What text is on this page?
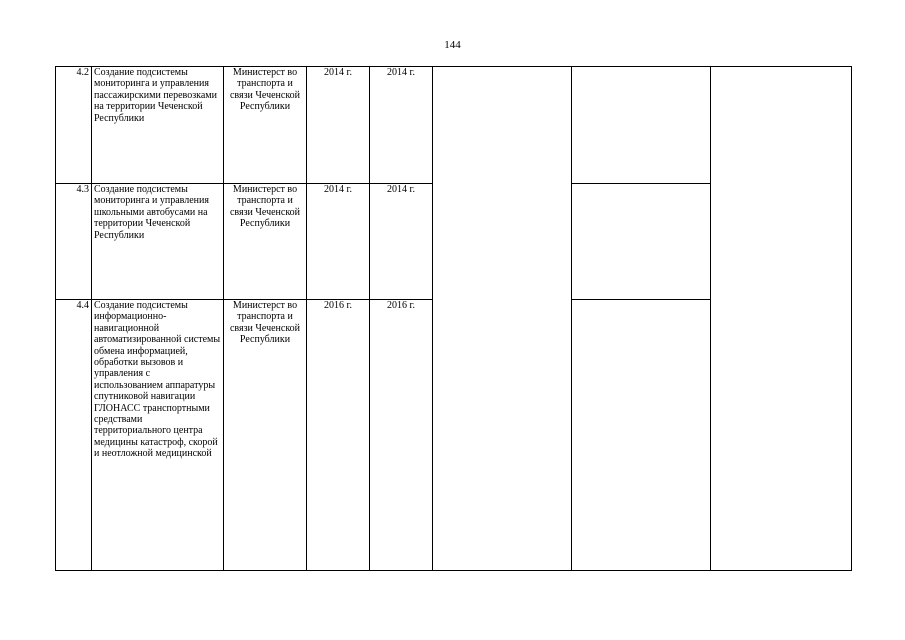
144
4.2	Создание подсистемы мониторинга и управления пассажирскими перевозками на территории Чеченской Республики	Министерст во транспорта и связи Чеченской Республики	2014 г.	2014 г.			
4.3	Создание подсистемы мониторинга и управления школьными автобусами на территории Чеченской Республики	Министерст во транспорта и связи Чеченской Республики	2014 г.	2014 г.			
4.4	Создание подсистемы информационно-навигационной автоматизированной системы обмена информацией, обработки вызовов и управления с использованием аппаратуры спутниковой навигации ГЛОНАСС транспортными средствами территориального центра медицины катастроф, скорой и неотложной медицинской	Министерст во транспорта и связи Чеченской Республики	2016 г.	2016 г.			
